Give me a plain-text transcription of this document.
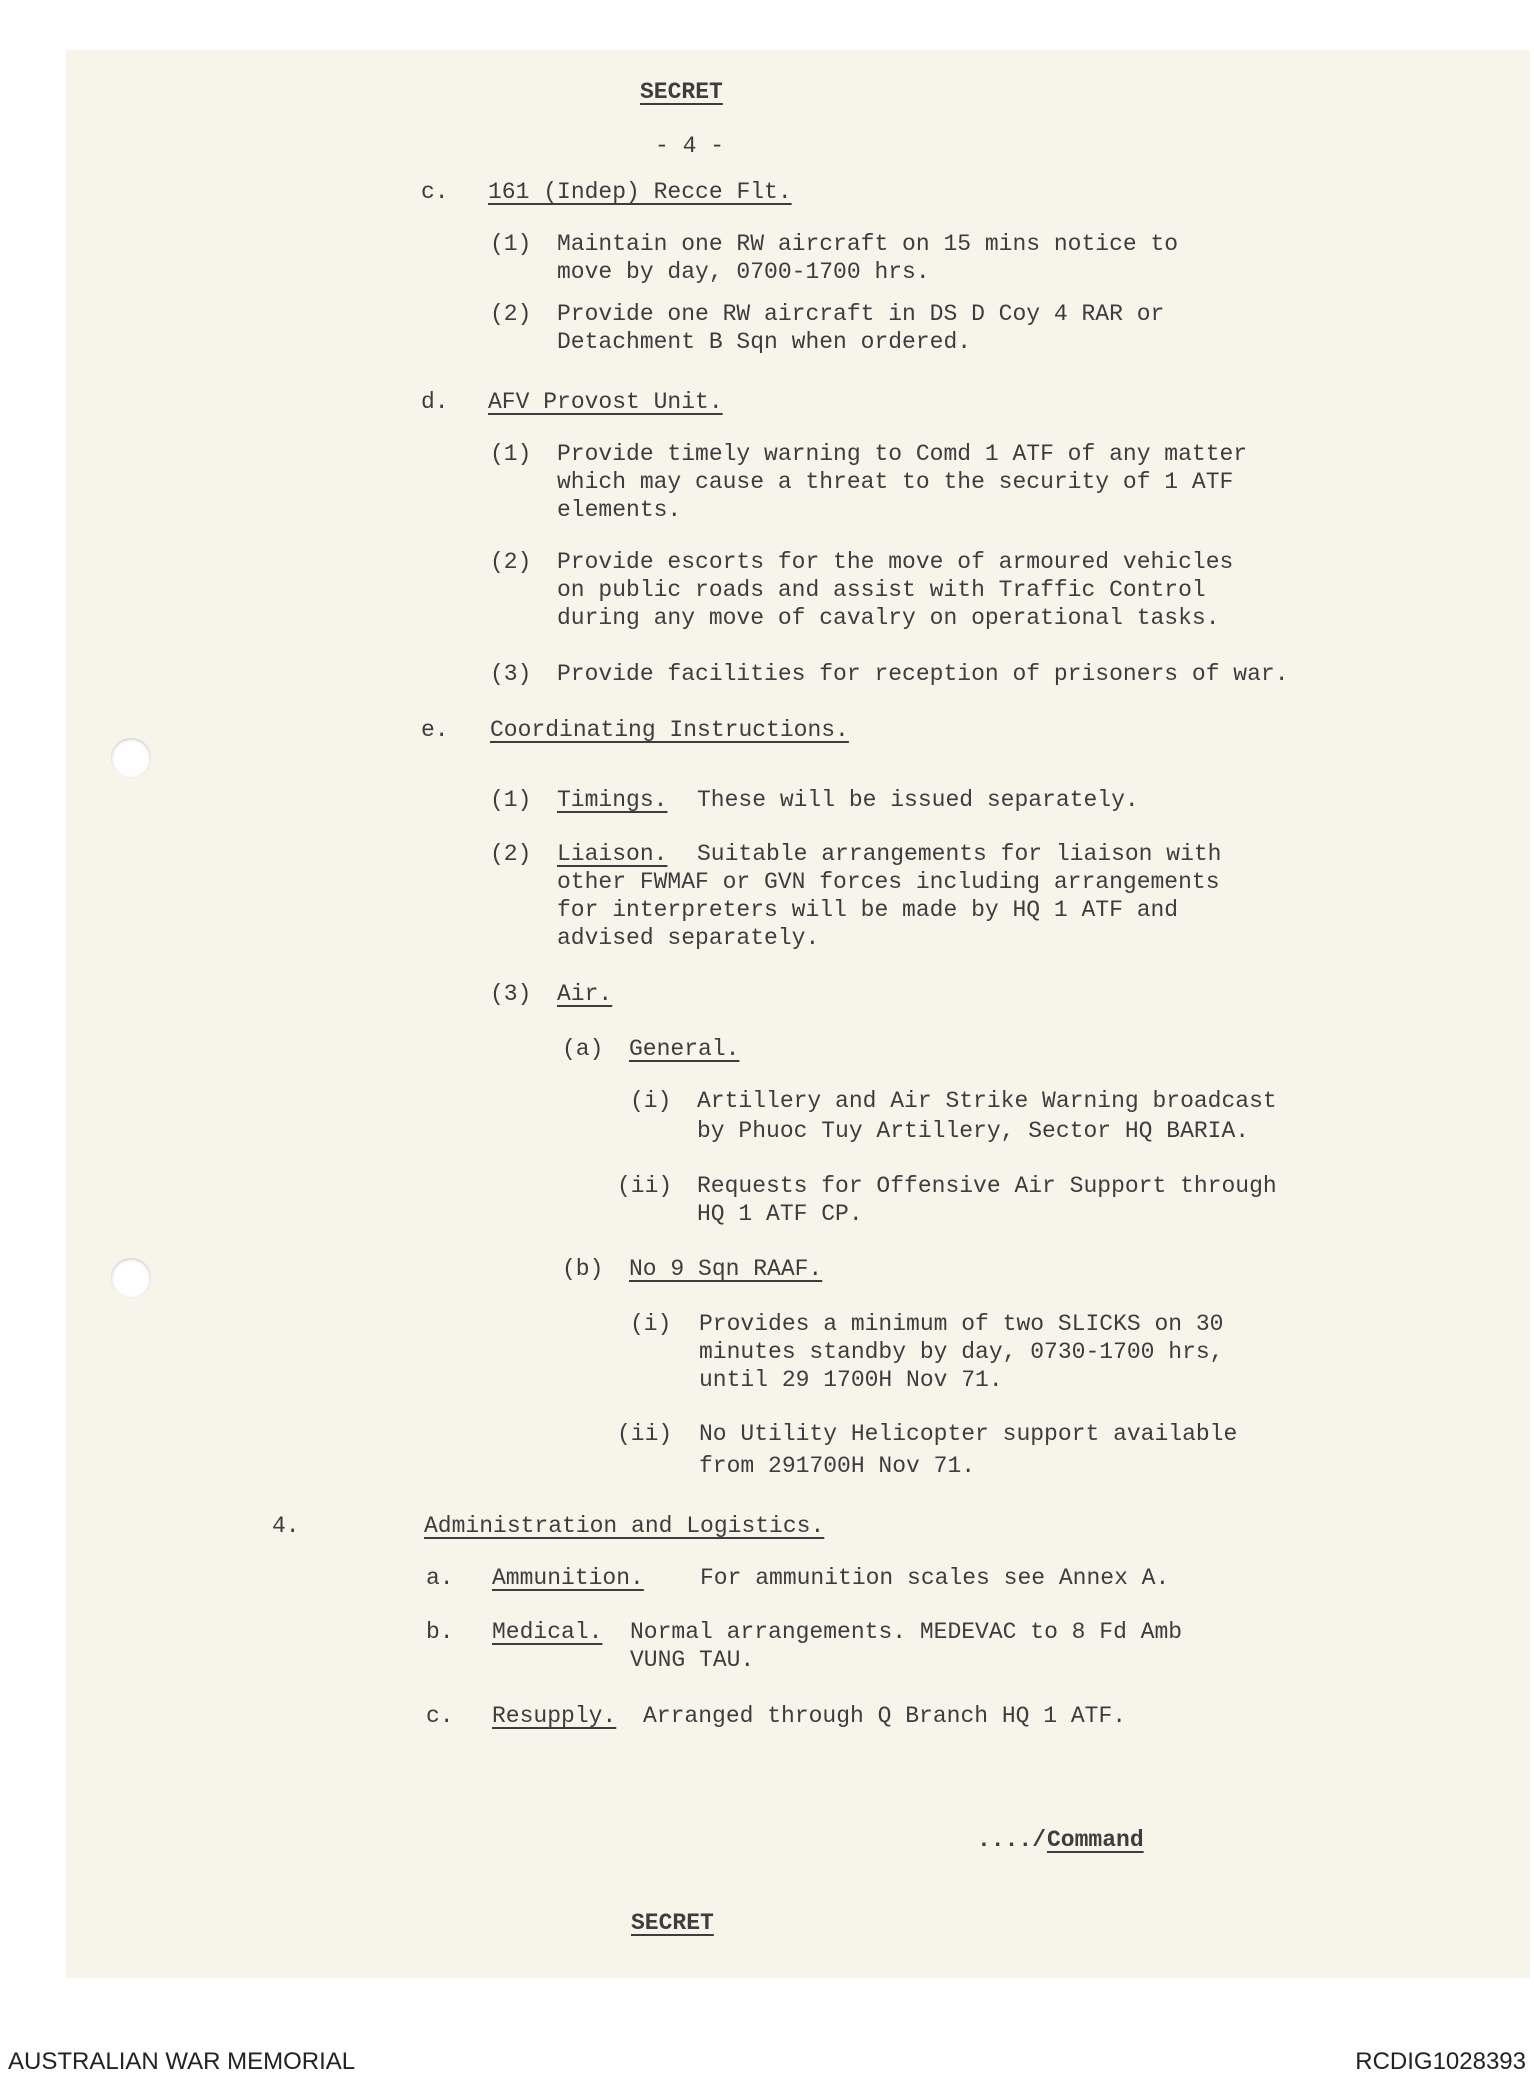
SECRET
- 4 -
c. 161 (Indep) Recce Flt.
(1) Maintain one RW aircraft on 15 mins notice to
move by day, 0700-1700 hrs.
(2) Provide one RW aircraft in DS D Coy 4 RAR or
Detachment B Sqn when ordered.
d. AFV Provost Unit.
(1) Provide timely warning to Comd 1 ATF of any matter
which may cause a threat to the security of 1 ATF
elements.
(2) Provide escorts for the move of armoured vehicles
on public roads and assist with Traffic Control
during any move of cavalry on operational tasks.
(3) Provide facilities for reception of prisoners of war.
e. Coordinating Instructions.
(1) Timings. These will be issued separately.
(2) Liaison. Suitable arrangements for liaison with
other FWMAF or GVN forces including arrangements
for interpreters will be made by HQ 1 ATF and
advised separately.
(3) Air.
(a) General.
(i) Artillery and Air Strike Warning broadcast
by Phuoc Tuy Artillery, Sector HQ BARIA.
(ii) Requests for Offensive Air Support through
HQ 1 ATF CP.
(b) No 9 Sqn RAAF.
(i) Provides a minimum of two SLICKS on 30
minutes standby by day, 0730-1700 hrs,
until 29 1700H Nov 71.
(ii) No Utility Helicopter support available
from 291700H Nov 71.
4.	Administration and Logistics.
a. Ammunition. For ammunition scales see Annex A.
b. Medical. Normal arrangements. MEDEVAC to 8 Fd Amb
VUNG TAU.
c. Resupply. Arranged through Q Branch HQ 1 ATF.
..../ Command
SECRET
AUSTRALIAN WAR MEMORIAL	RCDIG1028393
